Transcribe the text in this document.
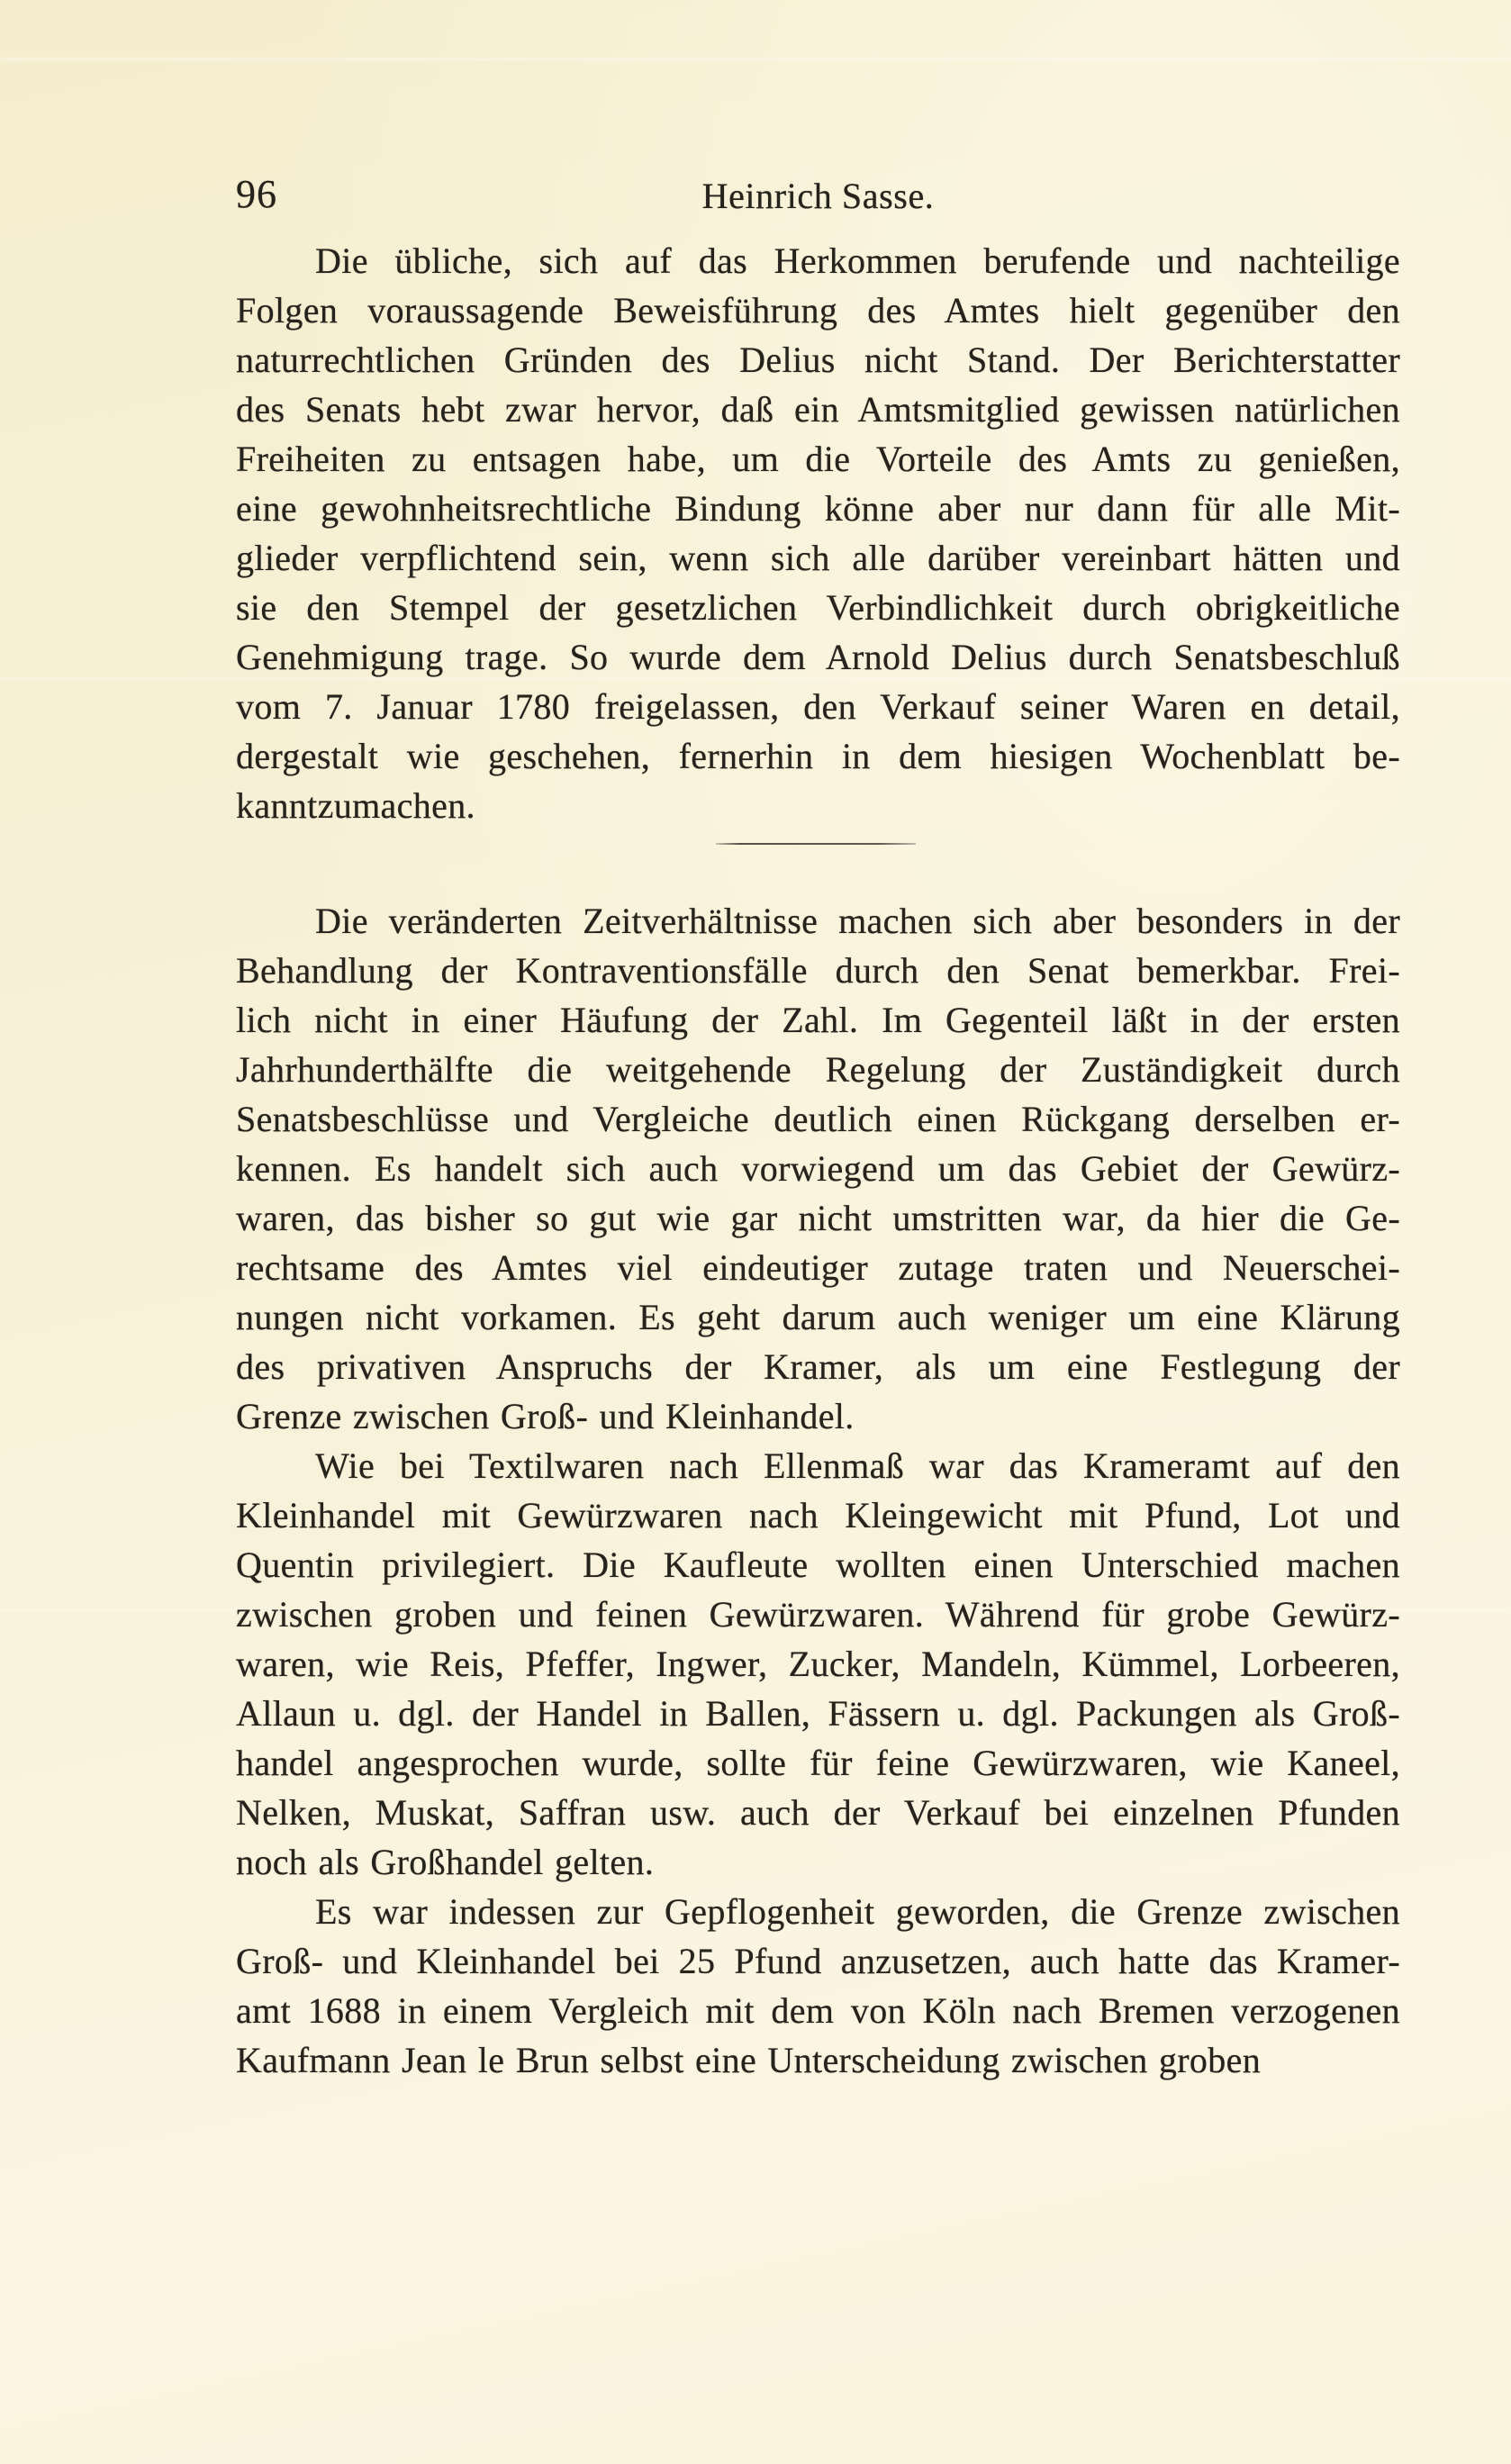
96	Heinrich Sasse.
Die übliche, sich auf das Herkommen berufende und nachteilige
Folgen voraussagende Beweisführung des Amtes hielt gegenüber den
naturrechtlichen Gründen des Delius nicht Stand. Der Berichterstatter
des Senats hebt zwar hervor, daß ein Amtsmitglied gewissen natürlichen
Freiheiten zu entsagen habe, um die Vorteile des Amts zu genießen,
eine gewohnheitsrechtliche Bindung könne aber nur dann für alle Mit-
glieder verpflichtend sein, wenn sich alle darüber vereinbart hätten und
sie den Stempel der gesetzlichen Verbindlichkeit durch obrigkeitliche
Genehmigung trage. So wurde dem Arnold Delius durch Senatsbeschluß
vom 7. Januar 1780 freigelassen, den Verkauf seiner Waren en detail,
dergestalt wie geschehen, fernerhin in dem hiesigen Wochenblatt be-
kanntzumachen.
Die veränderten Zeitverhältnisse machen sich aber besonders in der
Behandlung der Kontraventionsfälle durch den Senat bemerkbar. Frei-
lich nicht in einer Häufung der Zahl. Im Gegenteil läßt in der ersten
Jahrhunderthälfte die weitgehende Regelung der Zuständigkeit durch
Senatsbeschlüsse und Vergleiche deutlich einen Rückgang derselben er-
kennen. Es handelt sich auch vorwiegend um das Gebiet der Gewürz-
waren, das bisher so gut wie gar nicht umstritten war, da hier die Ge-
rechtsame des Amtes viel eindeutiger zutage traten und Neuerschei-
nungen nicht vorkamen. Es geht darum auch weniger um eine Klärung
des privativen Anspruchs der Kramer, als um eine Festlegung der
Grenze zwischen Groß- und Kleinhandel.
Wie bei Textilwaren nach Ellenmaß war das Krameramt auf den
Kleinhandel mit Gewürzwaren nach Kleingewicht mit Pfund, Lot und
Quentin privilegiert. Die Kaufleute wollten einen Unterschied machen
zwischen groben und feinen Gewürzwaren. Während für grobe Gewürz-
waren, wie Reis, Pfeffer, Ingwer, Zucker, Mandeln, Kümmel, Lorbeeren,
Allaun u. dgl. der Handel in Ballen, Fässern u. dgl. Packungen als Groß-
handel angesprochen wurde, sollte für feine Gewürzwaren, wie Kaneel,
Nelken, Muskat, Saffran usw. auch der Verkauf bei einzelnen Pfunden
noch als Großhandel gelten.
Es war indessen zur Gepflogenheit geworden, die Grenze zwischen
Groß- und Kleinhandel bei 25 Pfund anzusetzen, auch hatte das Kramer-
amt 1688 in einem Vergleich mit dem von Köln nach Bremen verzogenen
Kaufmann Jean le Brun selbst eine Unterscheidung zwischen groben
